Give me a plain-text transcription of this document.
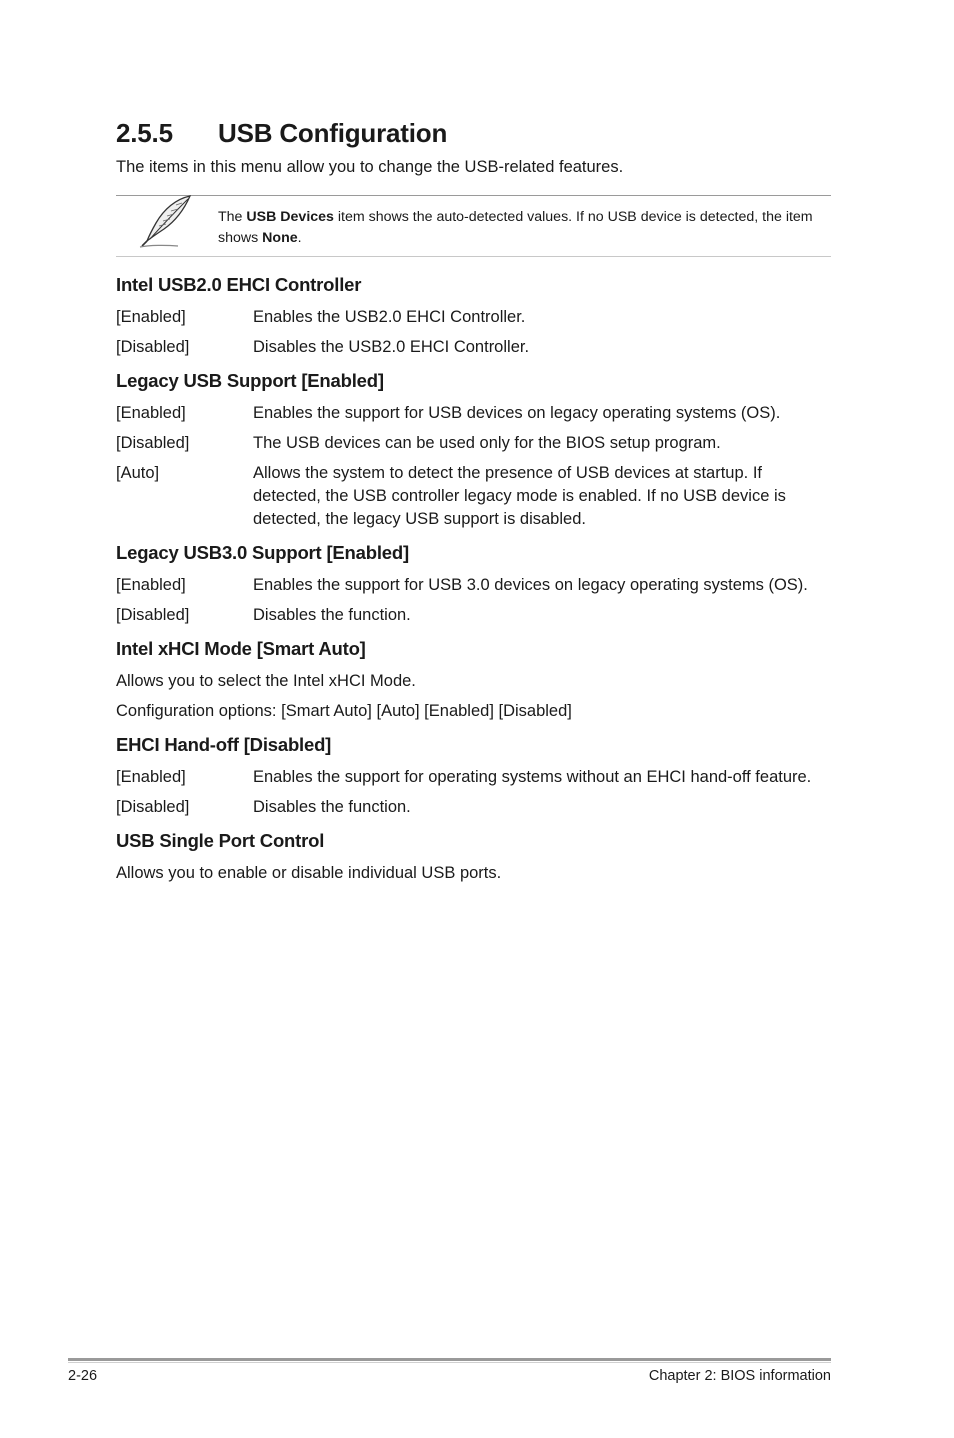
2.5.5 USB Configuration
The items in this menu allow you to change the USB-related features.
The USB Devices item shows the auto-detected values. If no USB device is detected, the item shows None.
Intel USB2.0 EHCI Controller
[Enabled]	Enables the USB2.0 EHCI Controller.
[Disabled]	Disables the USB2.0 EHCI Controller.
Legacy USB Support [Enabled]
[Enabled]	Enables the support for USB devices on legacy operating systems (OS).
[Disabled]	The USB devices can be used only for the BIOS setup program.
[Auto]	Allows the system to detect the presence of USB devices at startup. If detected, the USB controller legacy mode is enabled. If no USB device is detected, the legacy USB support is disabled.
Legacy USB3.0 Support [Enabled]
[Enabled]	Enables the support for USB 3.0 devices on legacy operating systems (OS).
[Disabled]	Disables the function.
Intel xHCI Mode [Smart Auto]
Allows you to select the Intel xHCI Mode.
Configuration options: [Smart Auto] [Auto] [Enabled] [Disabled]
EHCI Hand-off [Disabled]
[Enabled]	Enables the support for operating systems without an EHCI hand-off feature.
[Disabled]	Disables the function.
USB Single Port Control
Allows you to enable or disable individual USB ports.
2-26	Chapter 2: BIOS information
